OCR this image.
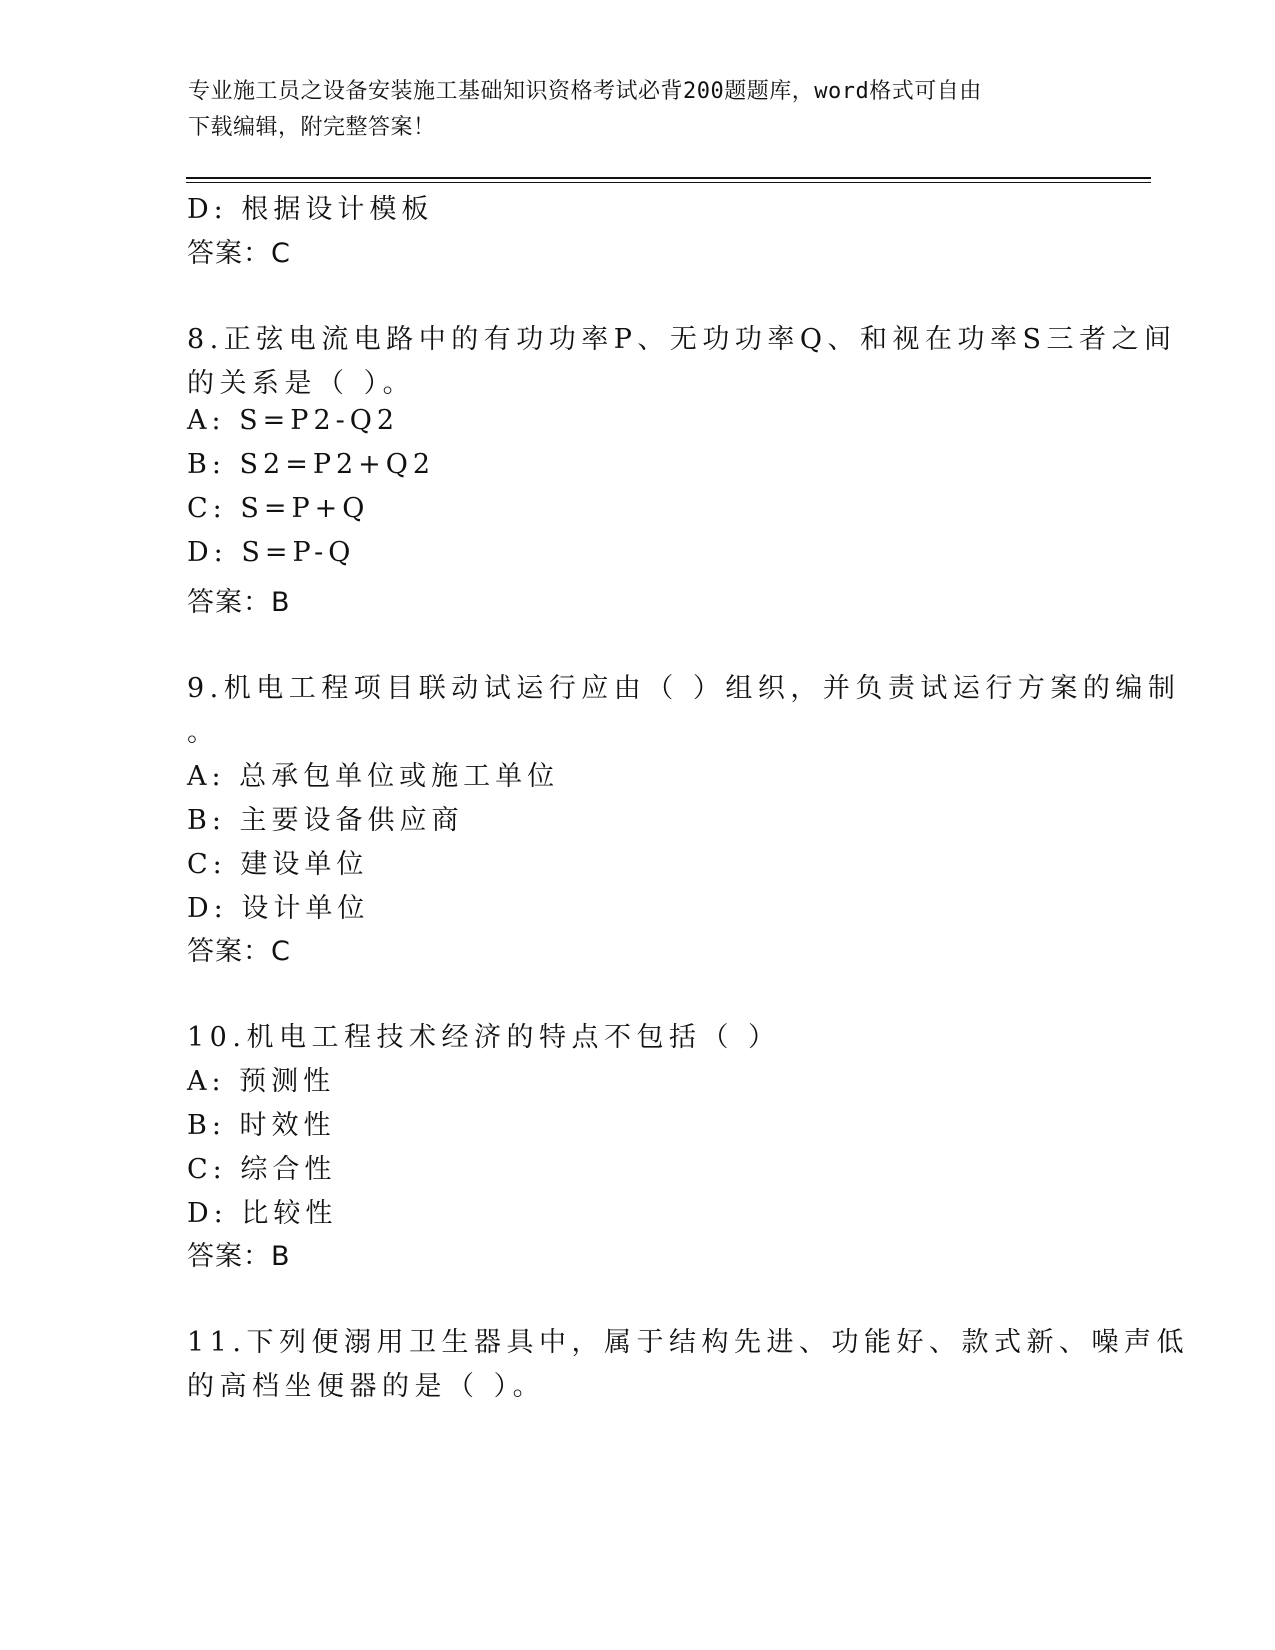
专业施工员之设备安装施工基础知识资格考试必背200题题库，word格式可自由
下载编辑，附完整答案！
D: 根据设计模板
答案：C
8.正弦电流电路中的有功功率P、无功功率Q、和视在功率S三者之间
的关系是（ ）。
A: S=P2-Q2
B: S2=P2+Q2
C: S=P+Q
D: S=P-Q
答案：B
9.机电工程项目联动试运行应由（ ）组织，并负责试运行方案的编制
。
A: 总承包单位或施工单位
B: 主要设备供应商
C: 建设单位
D: 设计单位
答案：C
10.机电工程技术经济的特点不包括（ ）
A: 预测性
B: 时效性
C: 综合性
D: 比较性
答案：B
11.下列便溺用卫生器具中，属于结构先进、功能好、款式新、噪声低
的高档坐便器的是（ ）。
